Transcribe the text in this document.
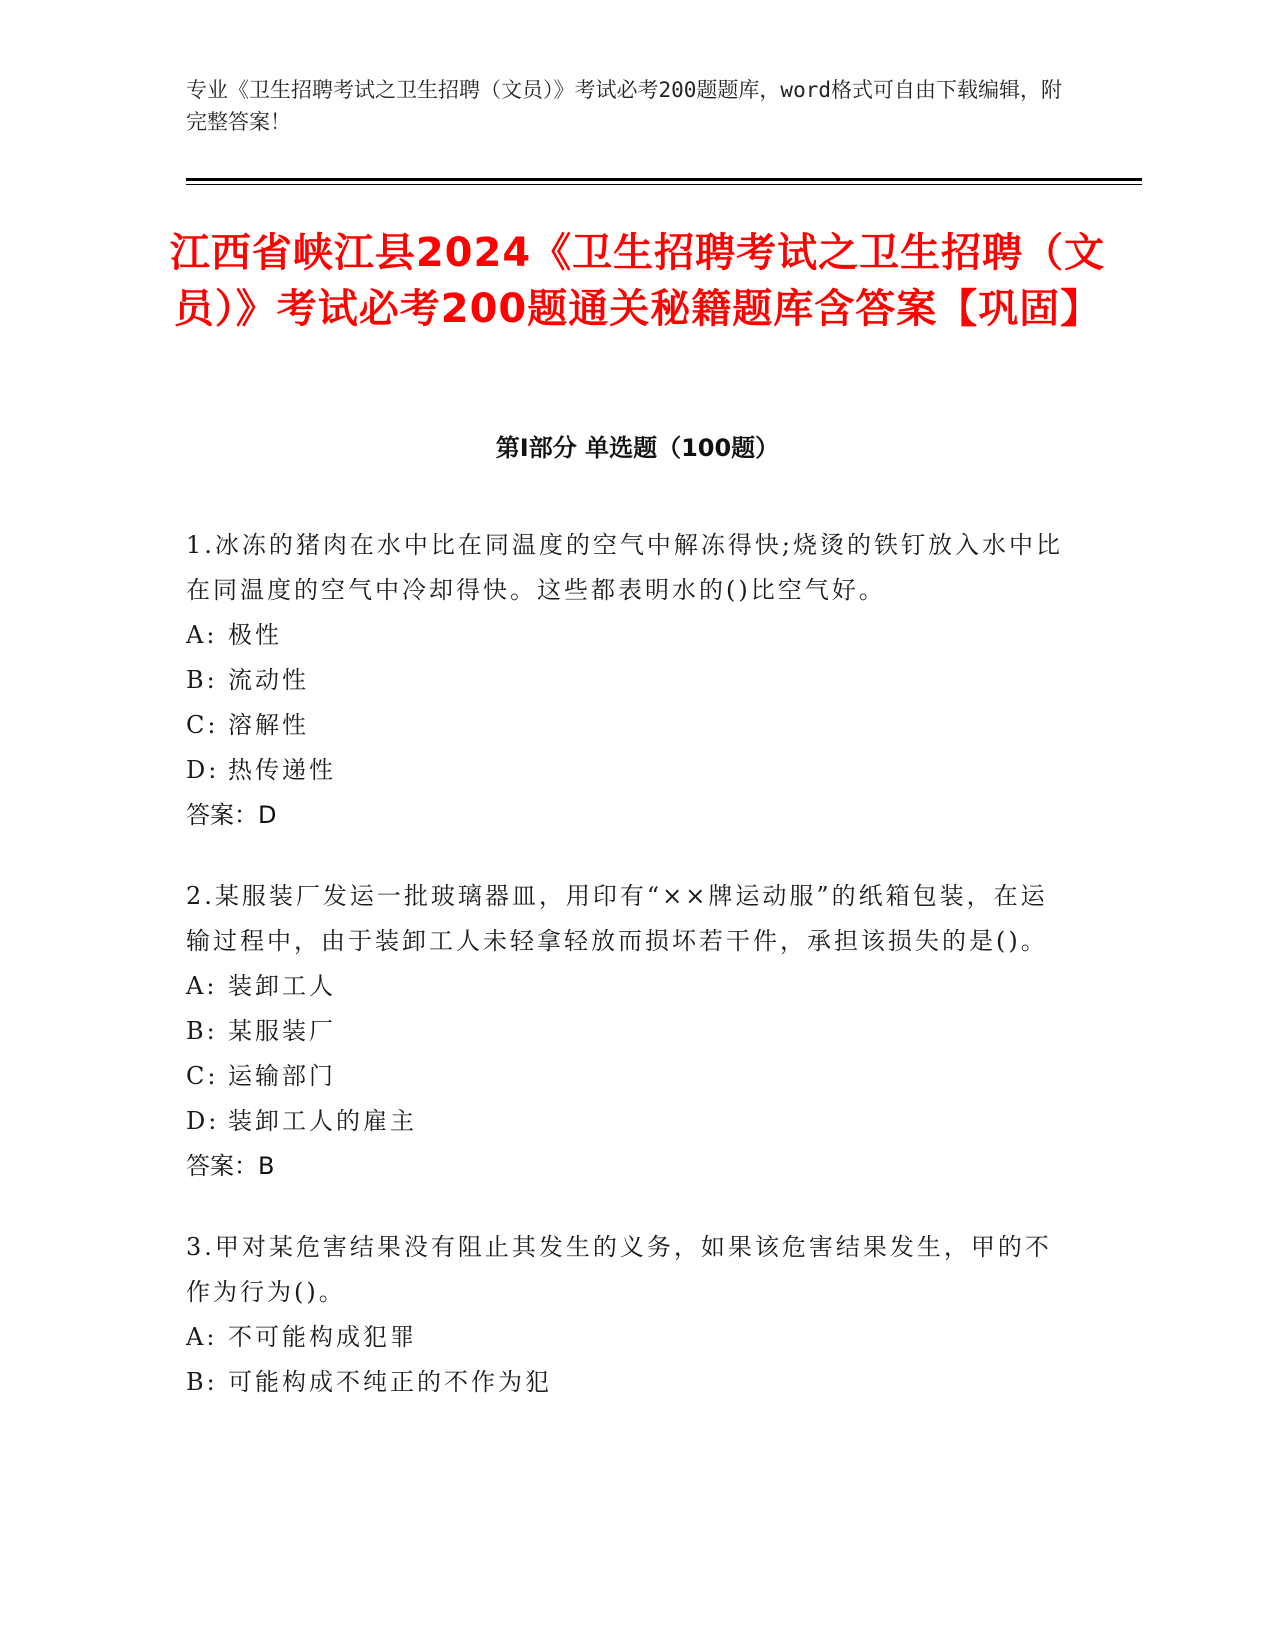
专业《卫生招聘考试之卫生招聘（文员）》考试必考200题题库，word格式可自由下载编辑，附完整答案！
江西省峡江县2024《卫生招聘考试之卫生招聘（文员）》考试必考200题通关秘籍题库含答案【巩固】
第Ⅰ部分 单选题（100题）
1.冰冻的猪肉在水中比在同温度的空气中解冻得快;烧烫的铁钉放入水中比在同温度的空气中冷却得快。这些都表明水的()比空气好。
A: 极性
B: 流动性
C: 溶解性
D: 热传递性
答案：D
2.某服装厂发运一批玻璃器皿，用印有“××牌运动服”的纸箱包装，在运输过程中，由于装卸工人未轻拿轻放而损坏若干件，承担该损失的是()。
A: 装卸工人
B: 某服装厂
C: 运输部门
D: 装卸工人的雇主
答案：B
3.甲对某危害结果没有阻止其发生的义务，如果该危害结果发生，甲的不作为行为()。
A: 不可能构成犯罪
B: 可能构成不纯正的不作为犯
